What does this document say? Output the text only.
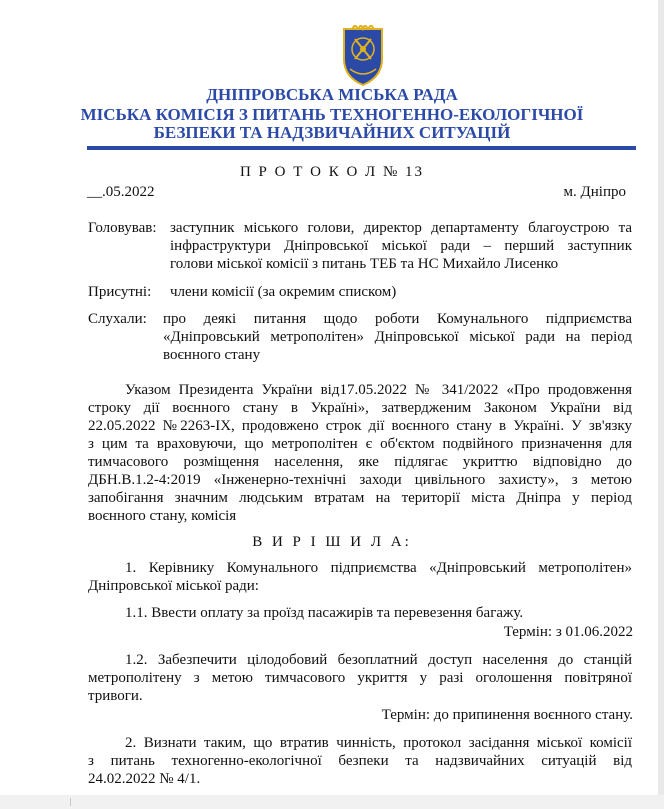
ДНІПРОВСЬКА МІСЬКА РАДА
МІСЬКА КОМІСІЯ З ПИТАНЬ ТЕХНОГЕННО-ЕКОЛОГІЧНОЇ
БЕЗПЕКИ ТА НАДЗВИЧАЙНИХ СИТУАЦІЙ
П Р О Т О К О Л № 13
__.05.2022	м. Дніпро
Головував: заступник міського голови, директор департаменту благоустрою та
інфраструктури Дніпровської міської ради – перший заступник
голови міської комісії з питань ТЕБ та НС Михайло Лисенко
Присутні: члени комісії (за окремим списком)
Слухали: про деякі питання щодо роботи Комунального підприємства
«Дніпровський метрополітен» Дніпровської міської ради на період
воєнного стану
Указом Президента України від17.05.2022 № 341/2022 «Про продовження
строку дії воєнного стану в Україні», затвердженим Законом України від
22.05.2022 №2263-ІХ, продовжено строк дії воєнного стану в Україні. У зв'язку
з цим та враховуючи, що метрополітен є об'єктом подвійного призначення для
тимчасового розміщення населення, яке підлягає укриттю відповідно до
ДБН.В.1.2-4:2019 «Інженерно-технічні заходи цивільного захисту», з метою
запобігання значним людським втратам на території міста Дніпра у період
воєнного стану, комісія
В И Р І Ш И Л А:
1. Керівнику Комунального підприємства «Дніпровський метрополітен»
Дніпровської міської ради:
1.1. Ввести оплату за проїзд пасажирів та перевезення багажу.
Термін: з 01.06.2022
1.2. Забезпечити цілодобовий безоплатний доступ населення до станцій
метрополітену з метою тимчасового укриття у разі оголошення повітряної
тривоги.
Термін: до припинення воєнного стану.
2. Визнати таким, що втратив чинність, протокол засідання міської комісії
з питань техногенно-екологічної безпеки та надзвичайних ситуацій від
24.02.2022 № 4/1.
